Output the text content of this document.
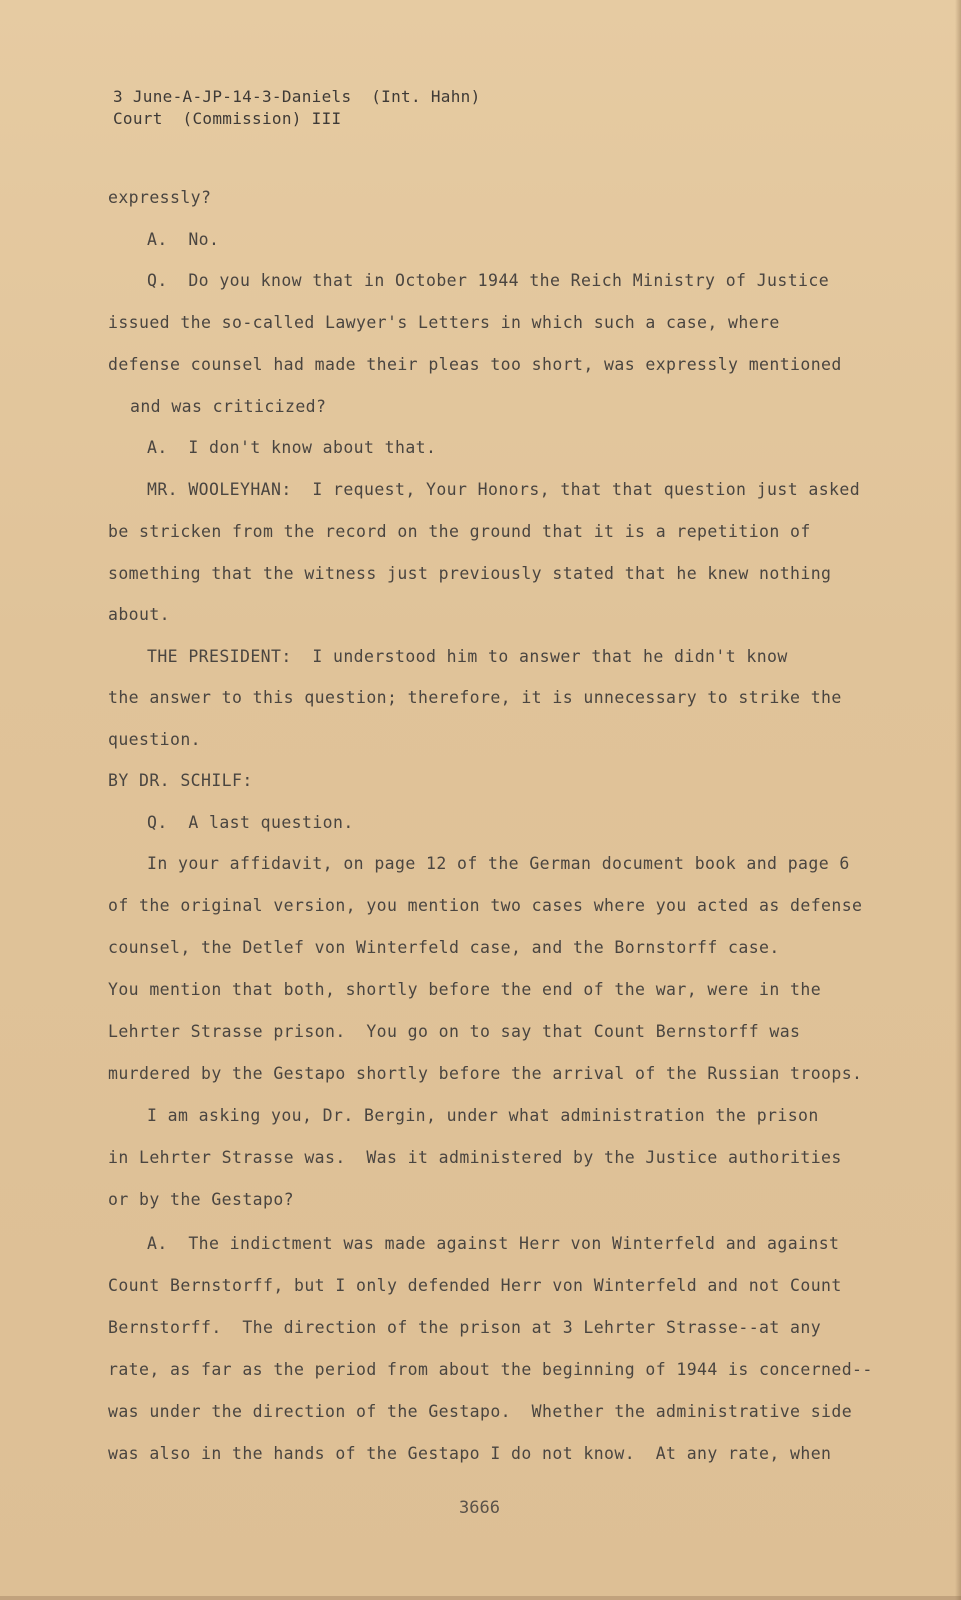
3 June-A-JP-14-3-Daniels  (Int. Hahn)
Court  (Commission) III
expressly?
A.  No.
Q.  Do you know that in October 1944 the Reich Ministry of Justice
issued the so-called Lawyer's Letters in which such a case, where
defense counsel had made their pleas too short, was expressly mentioned
and was criticized?
A.  I don't know about that.
MR. WOOLEYHAN:  I request, Your Honors, that that question just asked
be stricken from the record on the ground that it is a repetition of
something that the witness just previously stated that he knew nothing
about.
THE PRESIDENT:  I understood him to answer that he didn't know
the answer to this question; therefore, it is unnecessary to strike the
question.
BY DR. SCHILF:
Q.  A last question.
In your affidavit, on page 12 of the German document book and page 6
of the original version, you mention two cases where you acted as defense
counsel, the Detlef von Winterfeld case, and the Bornstorff case.
You mention that both, shortly before the end of the war, were in the
Lehrter Strasse prison.  You go on to say that Count Bernstorff was
murdered by the Gestapo shortly before the arrival of the Russian troops.
I am asking you, Dr. Bergin, under what administration the prison
in Lehrter Strasse was.  Was it administered by the Justice authorities
or by the Gestapo?
A.  The indictment was made against Herr von Winterfeld and against
Count Bernstorff, but I only defended Herr von Winterfeld and not Count
Bernstorff.  The direction of the prison at 3 Lehrter Strasse--at any
rate, as far as the period from about the beginning of 1944 is concerned--
was under the direction of the Gestapo.  Whether the administrative side
was also in the hands of the Gestapo I do not know.  At any rate, when
3666
